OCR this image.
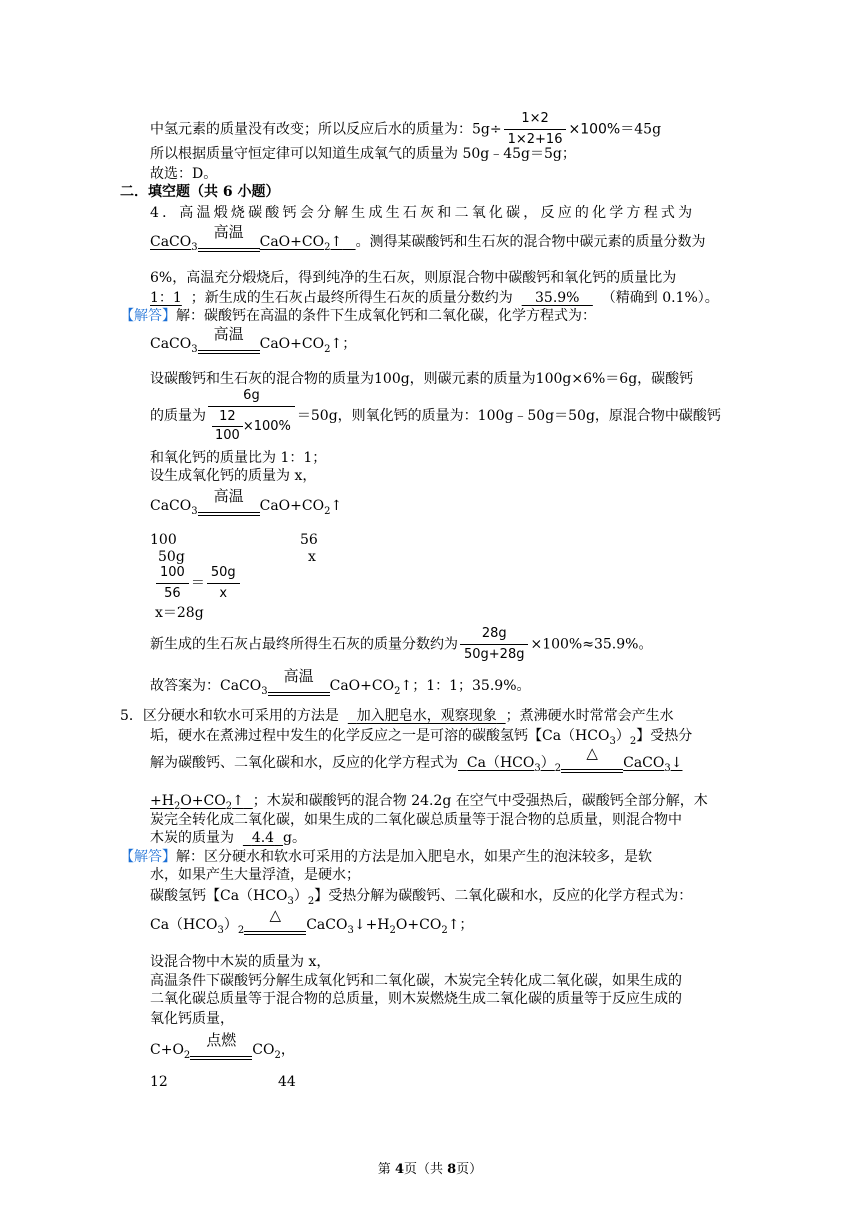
中氢元素的质量没有改变；所以反应后水的质量为：$5g\div \frac{1\times 2}{1\times 2+16} \times 100\%=45g$
所以根据质量守恒定律可以知道生成氧气的质量为 50g﹣45g＝5g；
故选：D。
二．填空题（共 6 小题）
4．高温煅烧碳酸钙会分解生成生石灰和二氧化碳，反应的化学方程式为
CaCO$_3$
高温
$CaO+CO_2↑$ 。测得某碳酸钙和生石灰的混合物中碳元素的质量分数为
6%，高温充分煅烧后，得到纯净的生石灰，则原混合物中碳酸钙和氧化钙的质量比为
1：1 ；新生成的生石灰占最终所得生石灰的质量分数约为 35.9% （精确到 0.1%）。
【解答】解：碳酸钙在高温的条件下生成氧化钙和二氧化碳，化学方程式为：
CaCO$_3$
高温
$CaO+CO_2↑$；
设碳酸钙和生石灰的混合物的质量为100g，则碳元素的质量为100g×6%＝6g，碳酸钙
的质量为 $\frac{6g}{\frac{12}{100} \times 100\%} =50g$，则氧化钙的质量为：100g﹣50g＝50g，原混合物中碳酸钙
和氧化钙的质量比为 1：1；
设生成氧化钙的质量为 x，
CaCO$_3$
高温
$CaO+CO_2↑$
100	56
50g	x
$\frac{100}{56} = \frac{50g}{x}$
x＝28g
新生成的生石灰占最终所得生石灰的质量分数约为 $\frac{28g}{50g+28g} \times 100\%\approx 35.9\%$。
故答案为：CaCO$_3$
高温
$CaO+CO_2↑$；1：1；35.9%。
5．区分硬水和软水可采用的方法是 加入肥皂水，观察现象 ；煮沸硬水时常常会产生水
垢，硬水在煮沸过程中发生的化学反应之一是可溶的碳酸氢钙【$Ca(HCO_3)_2$】受热分
解为碳酸钙、二氧化碳和水，反应的化学方程式为 $Ca(HCO_3)_2$
△
CaCO$_3$↓
$+H_2O+CO_2↑$ ；木炭和碳酸钙的混合物 24.2g 在空气中受强热后，碳酸钙全部分解，木
炭完全转化成二氧化碳，如果生成的二氧化碳总质量等于混合物的总质量，则混合物中
木炭的质量为 4.4 g。
【解答】解：区分硬水和软水可采用的方法是加入肥皂水，如果产生的泡沫较多，是软
水，如果产生大量浮渣，是硬水；
碳酸氢钙【$Ca(HCO_3)_2$】受热分解为碳酸钙、二氧化碳和水，反应的化学方程式为：
$Ca(HCO_3)_2$
△
$CaCO_3↓+H_2O+CO_2↑$；
设混合物中木炭的质量为 x，
高温条件下碳酸钙分解生成氧化钙和二氧化碳，木炭完全转化成二氧化碳，如果生成的
二氧化碳总质量等于混合物的总质量，则木炭燃烧生成二氧化碳的质量等于反应生成的
氧化钙质量，
$C+O_2$
点燃
$CO_2$，
12	44
第 4页（共 8页）
